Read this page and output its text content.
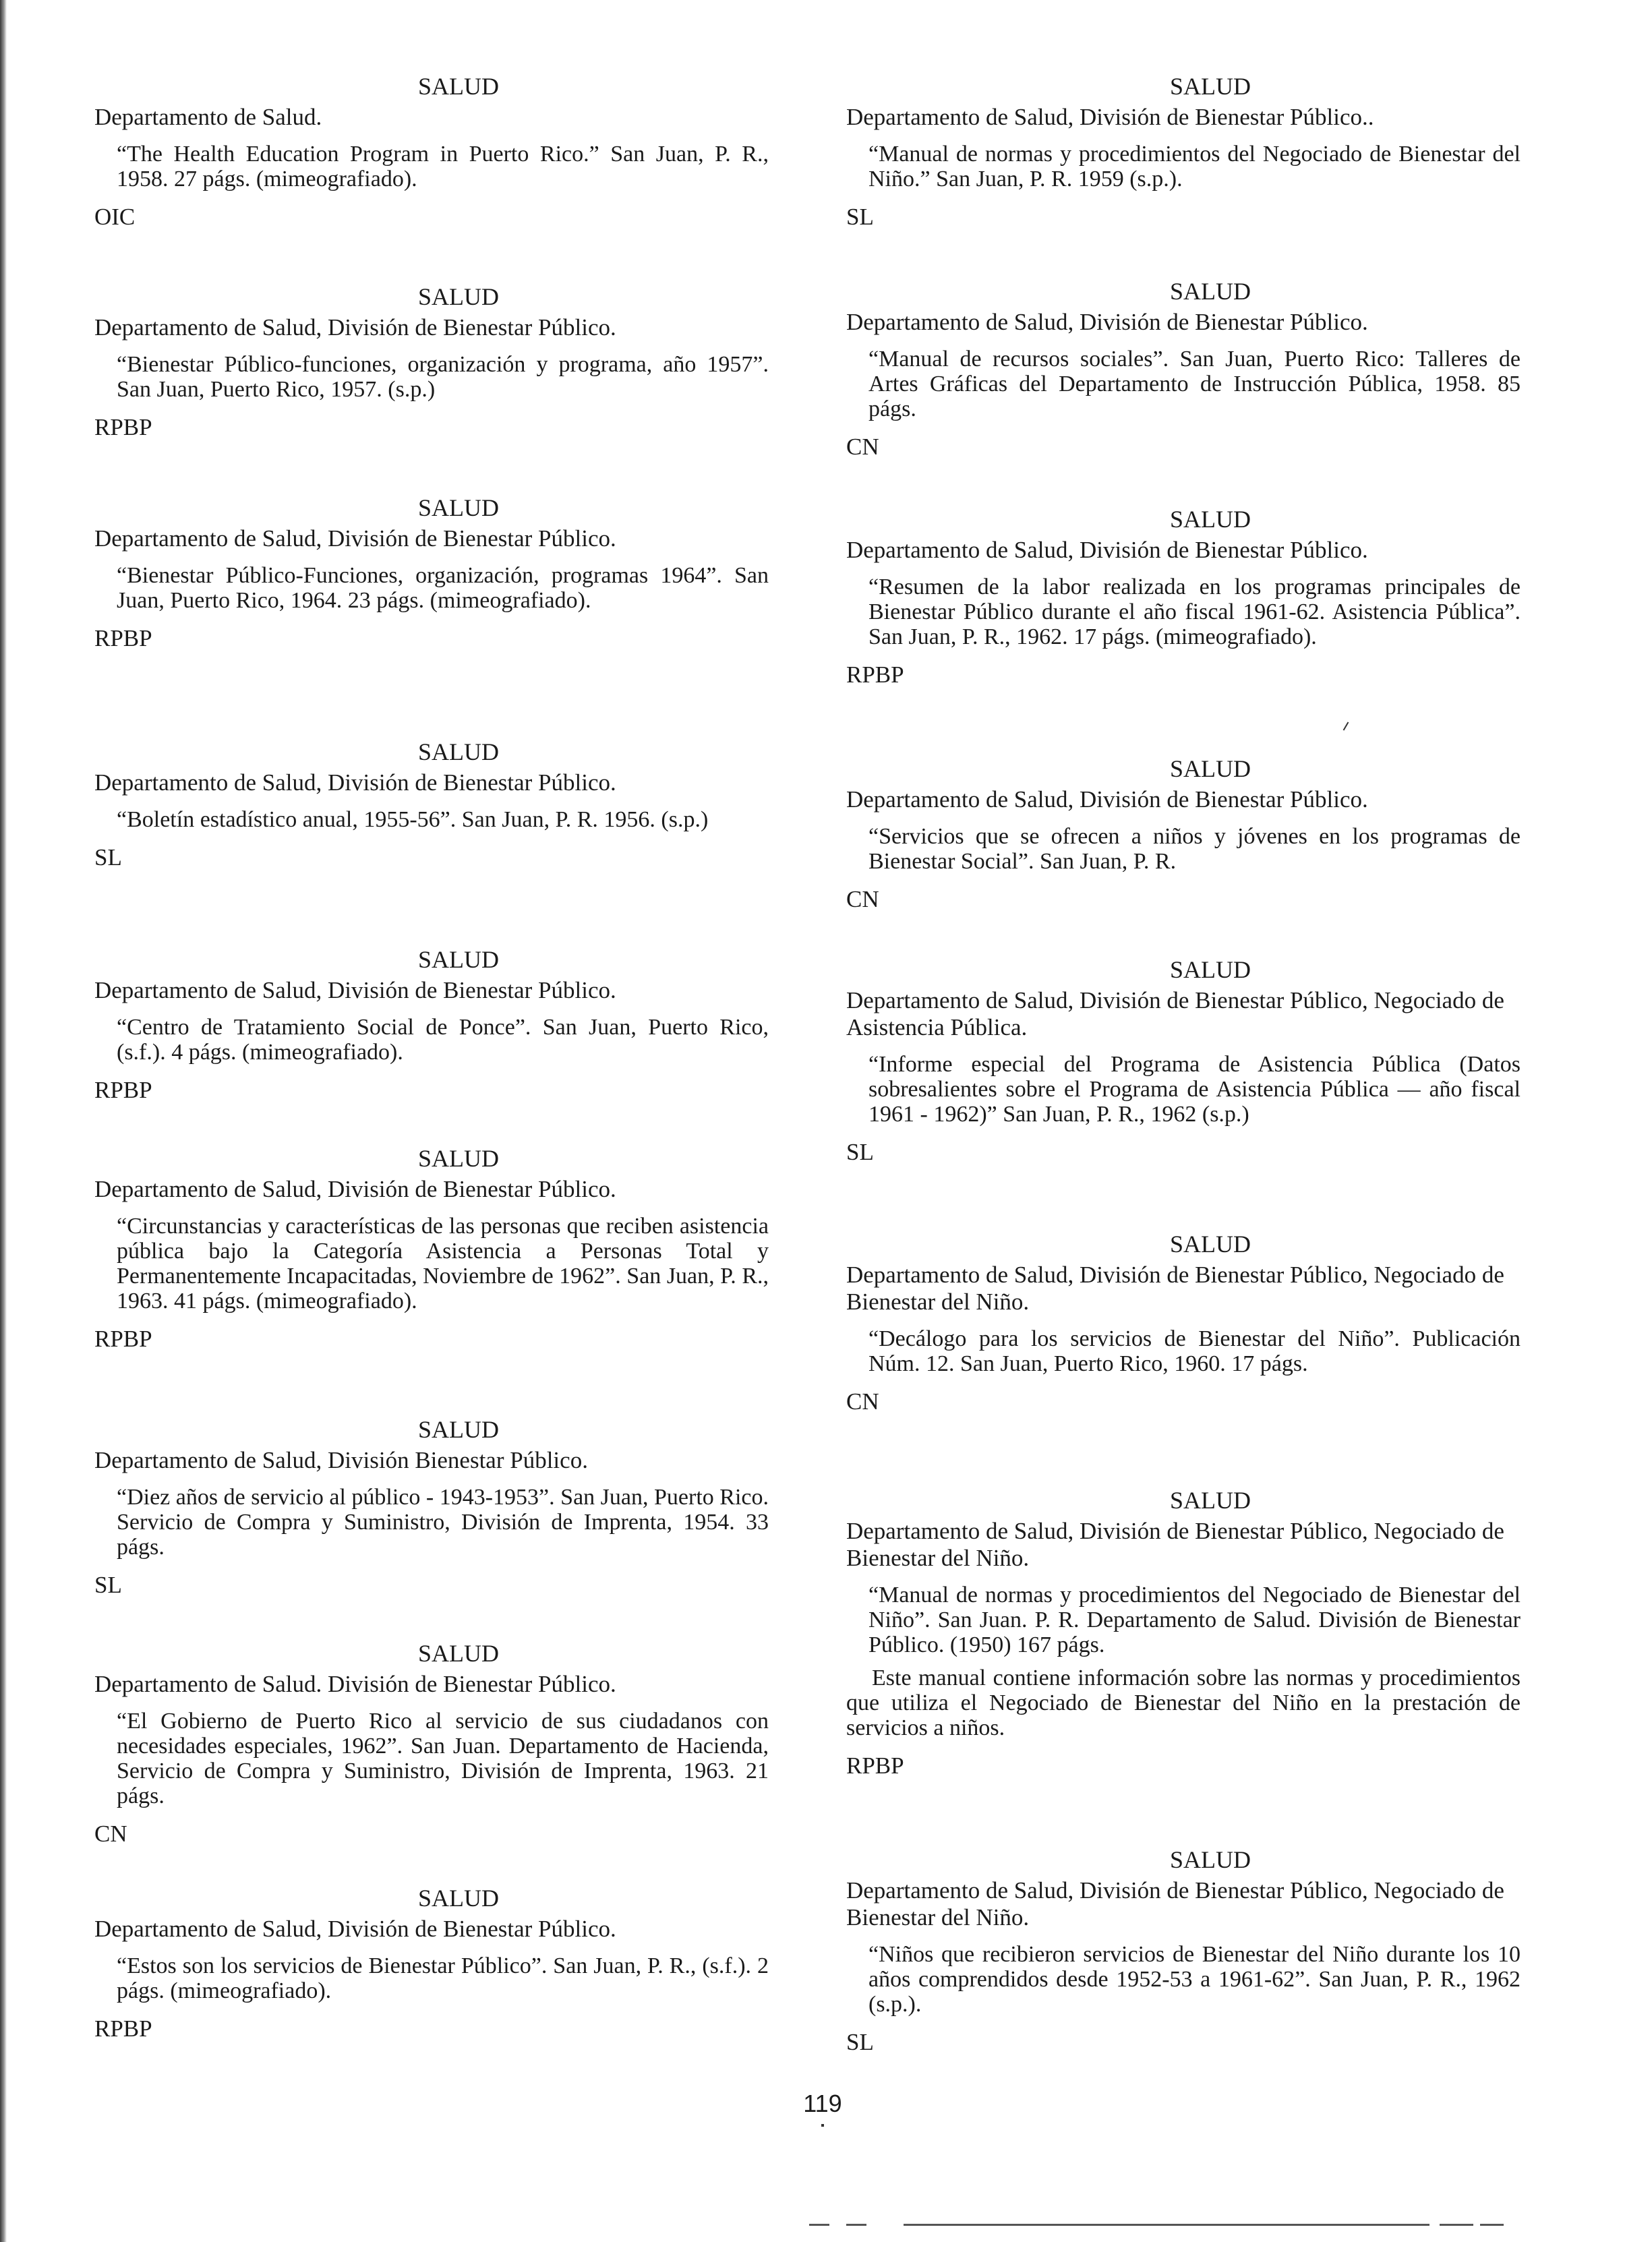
SALUD
Departamento de Salud.
“The Health Education Program in Puerto Rico.” San Juan, P. R., 1958. 27 págs. (mimeografiado).
OIC
SALUD
Departamento de Salud, División de Bienestar Público.
“Bienestar Público-funciones, organización y programa, año 1957”. San Juan, Puerto Rico, 1957. (s.p.)
RPBP
SALUD
Departamento de Salud, División de Bienestar Público.
“Bienestar Público-Funciones, organización, programas 1964”. San Juan, Puerto Rico, 1964. 23 págs. (mimeografiado).
RPBP
SALUD
Departamento de Salud, División de Bienestar Público.
“Boletín estadístico anual, 1955-56”. San Juan, P. R. 1956. (s.p.)
SL
SALUD
Departamento de Salud, División de Bienestar Público.
“Centro de Tratamiento Social de Ponce”. San Juan, Puerto Rico, (s.f.). 4 págs. (mimeografiado).
RPBP
SALUD
Departamento de Salud, División de Bienestar Público.
“Circunstancias y características de las personas que reciben asistencia pública bajo la Categoría Asistencia a Personas Total y Permanentemente Incapacitadas, Noviembre de 1962”. San Juan, P. R., 1963. 41 págs. (mimeografiado).
RPBP
SALUD
Departamento de Salud, División Bienestar Público.
“Diez años de servicio al público - 1943-1953”. San Juan, Puerto Rico. Servicio de Compra y Suministro, División de Imprenta, 1954. 33 págs.
SL
SALUD
Departamento de Salud. División de Bienestar Público.
“El Gobierno de Puerto Rico al servicio de sus ciudadanos con necesidades especiales, 1962”. San Juan. Departamento de Hacienda, Servicio de Compra y Suministro, División de Imprenta, 1963. 21 págs.
CN
SALUD
Departamento de Salud, División de Bienestar Público.
“Estos son los servicios de Bienestar Público”. San Juan, P. R., (s.f.). 2 págs. (mimeografiado).
RPBP
SALUD
Departamento de Salud, División de Bienestar Público..
“Manual de normas y procedimientos del Negociado de Bienestar del Niño.” San Juan, P. R. 1959 (s.p.).
SL
SALUD
Departamento de Salud, División de Bienestar Público.
“Manual de recursos sociales”. San Juan, Puerto Rico: Talleres de Artes Gráficas del Departamento de Instrucción Pública, 1958. 85 págs.
CN
SALUD
Departamento de Salud, División de Bienestar Público.
“Resumen de la labor realizada en los programas principales de Bienestar Público durante el año fiscal 1961-62. Asistencia Pública”. San Juan, P. R., 1962. 17 págs. (mimeografiado).
RPBP
SALUD
Departamento de Salud, División de Bienestar Público.
“Servicios que se ofrecen a niños y jóvenes en los programas de Bienestar Social”. San Juan, P. R.
CN
SALUD
Departamento de Salud, División de Bienestar Público, Negociado de Asistencia Pública.
“Informe especial del Programa de Asistencia Pública (Datos sobresalientes sobre el Programa de Asistencia Pública — año fiscal 1961 - 1962)” San Juan, P. R., 1962 (s.p.)
SL
SALUD
Departamento de Salud, División de Bienestar Público, Negociado de Bienestar del Niño.
“Decálogo para los servicios de Bienestar del Niño”. Publicación Núm. 12. San Juan, Puerto Rico, 1960. 17 págs.
CN
SALUD
Departamento de Salud, División de Bienestar Público, Negociado de Bienestar del Niño.
“Manual de normas y procedimientos del Negociado de Bienestar del Niño”. San Juan. P. R. Departamento de Salud. División de Bienestar Público. (1950) 167 págs.
Este manual contiene información sobre las normas y procedimientos que utiliza el Negociado de Bienestar del Niño en la prestación de servicios a niños.
RPBP
SALUD
Departamento de Salud, División de Bienestar Público, Negociado de Bienestar del Niño.
“Niños que recibieron servicios de Bienestar del Niño durante los 10 años comprendidos desde 1952-53 a 1961-62”. San Juan, P. R., 1962 (s.p.).
SL
119
